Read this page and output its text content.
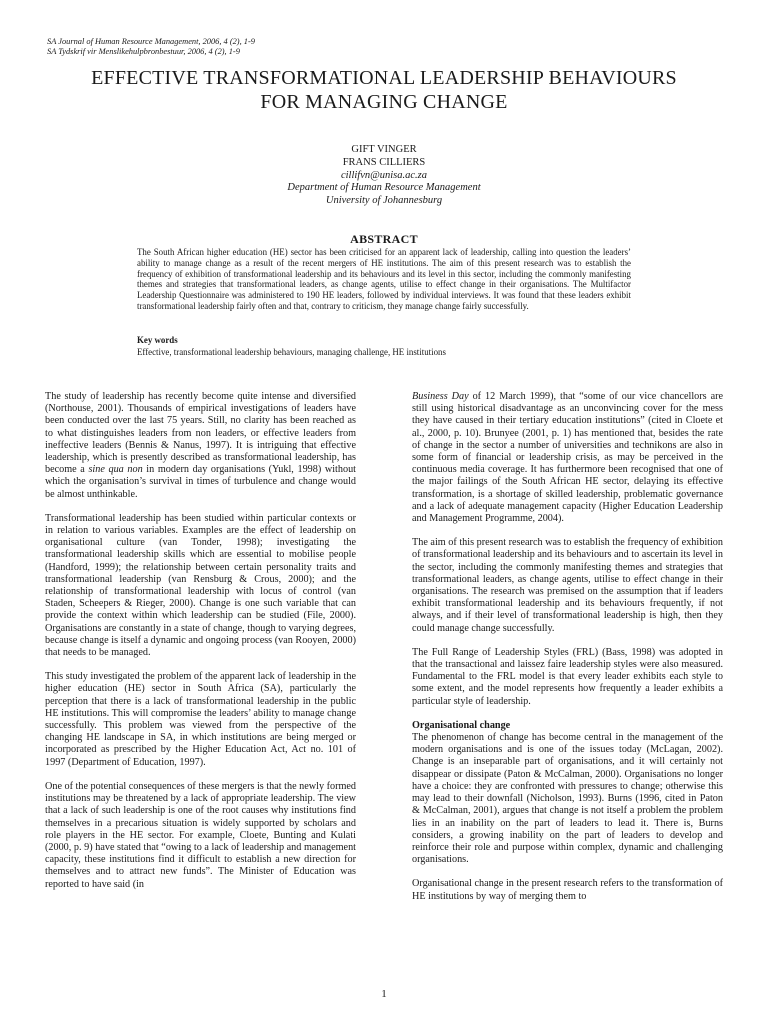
SA Journal of Human Resource Management, 2006, 4 (2), 1-9
SA Tydskrif vir Menslikehulpbronbestuur, 2006, 4 (2), 1-9
EFFECTIVE TRANSFORMATIONAL LEADERSHIP BEHAVIOURS
FOR MANAGING CHANGE
GIFT VINGER
FRANS CILLIERS
cillifvn@unisa.ac.za
Department of Human Resource Management
University of Johannesburg
ABSTRACT
The South African higher education (HE) sector has been criticised for an apparent lack of leadership, calling into question the leaders’ ability to manage change as a result of the recent mergers of HE institutions. The aim of this present research was to establish the frequency of exhibition of transformational leadership and its behaviours and its level in this sector, including the commonly manifesting themes and strategies that transformational leaders, as change agents, utilise to effect change in their organisations. The Multifactor Leadership Questionnaire was administered to 190 HE leaders, followed by individual interviews. It was found that these leaders exhibit transformational leadership fairly often and that, contrary to criticism, they manage change fairly successfully.
Key words
Effective, transformational leadership behaviours, managing challenge, HE institutions

The study of leadership has recently become quite intense and diversified (Northouse, 2001). Thousands of empirical investigations of leaders have been conducted over the last 75 years. Still, no clarity has been reached as to what distinguishes leaders from non leaders, or effective leaders from ineffective leaders (Bennis & Nanus, 1997). It is intriguing that effective leadership, which is presently described as transformational leadership, has become a sine qua non in modern day organisations (Yukl, 1998) without which the organisation’s survival in times of turbulence and change would be almost unthinkable.

Transformational leadership has been studied within particular contexts or in relation to various variables. Examples are the effect of leadership on organisational culture (van Tonder, 1998); investigating the transformational leadership skills which are essential to mobilise people (Handford, 1999); the relationship between certain personality traits and transformational leadership (van Rensburg & Crous, 2000); and the relationship of transformational leadership with locus of control (van Staden, Scheepers & Rieger, 2000). Change is one such variable that can provide the context within which leadership can be studied (File, 2000). Organisations are constantly in a state of change, though to varying degrees, because change is itself a dynamic and ongoing process (van Rooyen, 2000) that needs to be managed.

This study investigated the problem of the apparent lack of leadership in the higher education (HE) sector in South Africa (SA), particularly the perception that there is a lack of transformational leadership in the public HE institutions. This will compromise the leaders’ ability to manage change successfully. This problem was viewed from the perspective of the changing HE landscape in SA, in which institutions are being merged or incorporated as prescribed by the Higher Education Act, Act no. 101 of 1997 (Department of Education, 1997).

One of the potential consequences of these mergers is that the newly formed institutions may be threatened by a lack of appropriate leadership. The view that a lack of such leadership is one of the root causes why institutions find themselves in a precarious situation is widely supported by scholars and role players in the HE sector. For example, Cloete, Bunting and Kulati (2000, p. 9) have stated that “owing to a lack of leadership and management capacity, these institutions find it difficult to establish a new direction for themselves and to attract new funds”. The Minister of Education was reported to have said (in

Business Day of 12 March 1999), that “some of our vice chancellors are still using historical disadvantage as an unconvincing cover for the mess they have caused in their tertiary education institutions” (cited in Cloete et al., 2000, p. 10). Brunyee (2001, p. 1) has mentioned that, besides the rate of change in the sector a number of universities and technikons are also in some form of financial or leadership crisis, as may be perceived in the continuous media coverage. It has furthermore been recognised that one of the major failings of the South African HE sector, delaying its effective transformation, is a shortage of skilled leadership, problematic governance and a lack of adequate management capacity (Higher Education Leadership and Management Programme, 2004).

The aim of this present research was to establish the frequency of exhibition of transformational leadership and its behaviours and to ascertain its level in the sector, including the commonly manifesting themes and strategies that transformational leaders, as change agents, utilise to effect change in their organisations. The research was premised on the assumption that if leaders exhibit transformational leadership and its behaviours frequently, if not always, and if their level of transformational leadership is high, then they could manage change successfully.

The Full Range of Leadership Styles (FRL) (Bass, 1998) was adopted in that the transactional and laissez faire leadership styles were also measured. Fundamental to the FRL model is that every leader exhibits each style to some extent, and the model represents how frequently a leader exhibits a particular style of leadership.

Organisational change

The phenomenon of change has become central in the management of the modern organisations and is one of the issues today (McLagan, 2002). Change is an inseparable part of organisations, and it will certainly not disappear or dissipate (Paton & McCalman, 2000). Organisations no longer have a choice: they are confronted with pressures to change; otherwise this may lead to their downfall (Nicholson, 1993). Burns (1996, cited in Paton & McCalman, 2001), argues that change is not itself a problem the problem lies in an inability on the part of leaders to lead it. There is, Burns considers, a growing inability on the part of leaders to develop and reinforce their role and purpose within complex, dynamic and challenging organisations.

Organisational change in the present research refers to the transformation of HE institutions by way of merging them to

1
